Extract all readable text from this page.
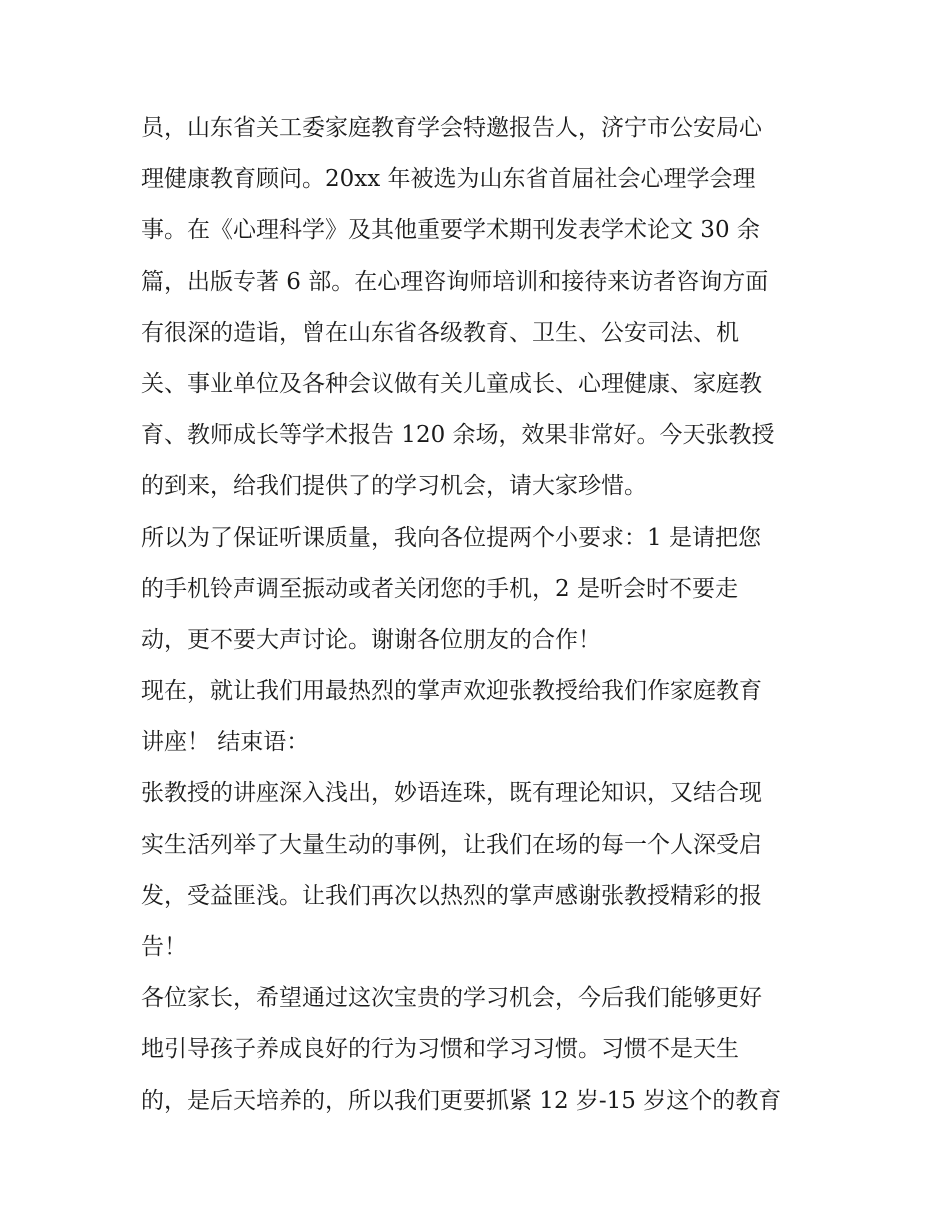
员，山东省关工委家庭教育学会特邀报告人，济宁市公安局心
理健康教育顾问。20xx 年被选为山东省首届社会心理学会理
事。在《心理科学》及其他重要学术期刊发表学术论文 30 余
篇，出版专著 6 部。在心理咨询师培训和接待来访者咨询方面
有很深的造诣，曾在山东省各级教育、卫生、公安司法、机
关、事业单位及各种会议做有关儿童成长、心理健康、家庭教
育、教师成长等学术报告 120 余场，效果非常好。今天张教授
的到来，给我们提供了的学习机会，请大家珍惜。
所以为了保证听课质量，我向各位提两个小要求：1 是请把您
的手机铃声调至振动或者关闭您的手机，2 是听会时不要走
动，更不要大声讨论。谢谢各位朋友的合作！
现在，就让我们用最热烈的掌声欢迎张教授给我们作家庭教育
讲座！ 结束语：
张教授的讲座深入浅出，妙语连珠，既有理论知识，又结合现
实生活列举了大量生动的事例，让我们在场的每一个人深受启
发，受益匪浅。让我们再次以热烈的掌声感谢张教授精彩的报
告！
各位家长，希望通过这次宝贵的学习机会，今后我们能够更好
地引导孩子养成良好的行为习惯和学习习惯。习惯不是天生
的，是后天培养的，所以我们更要抓紧 12 岁-15 岁这个的教育
